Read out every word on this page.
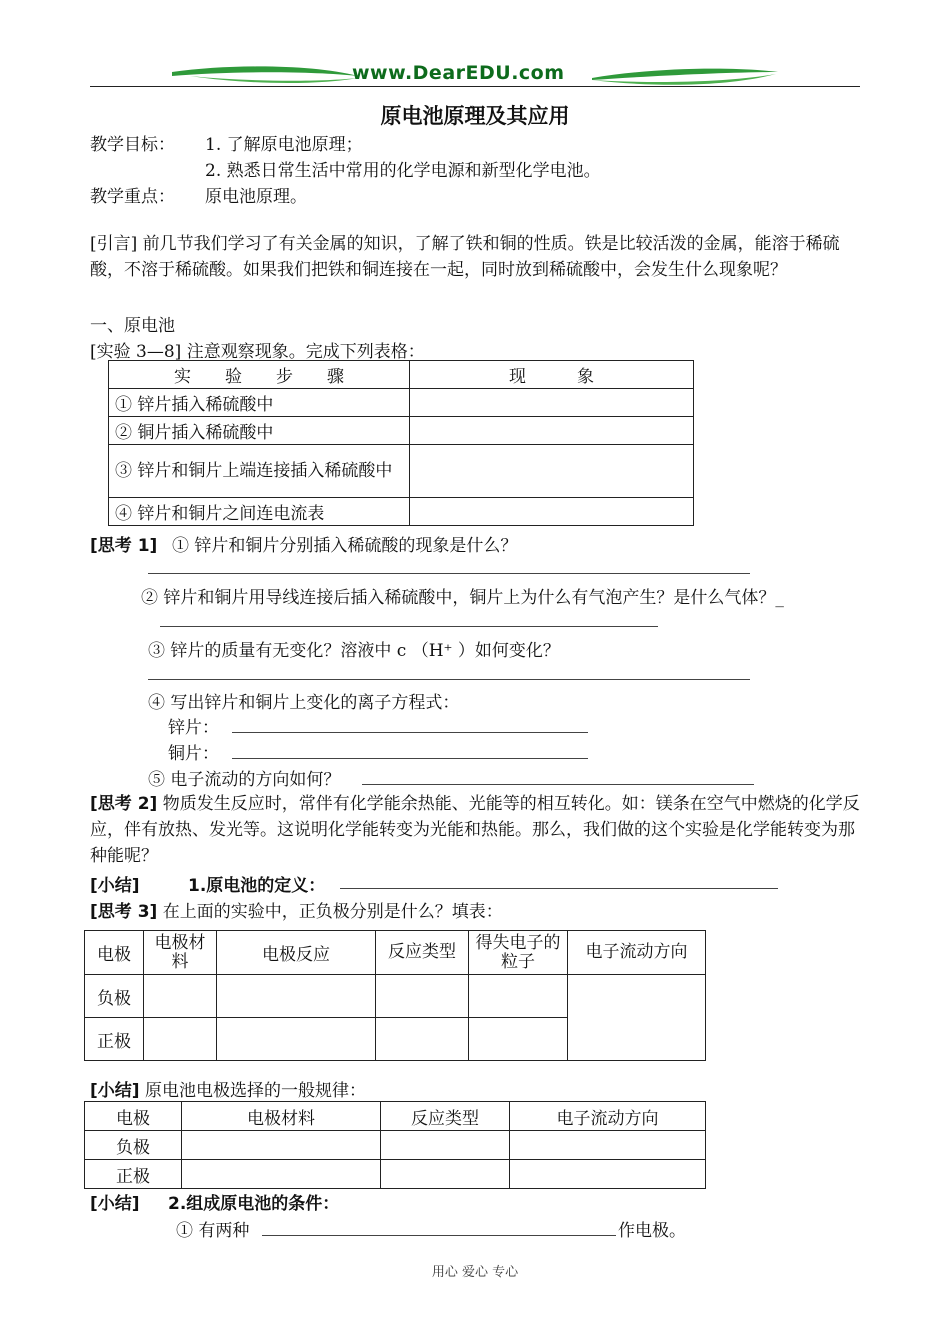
www.DearEDU.com
原电池原理及其应用
教学目标： 1. 了解原电池原理；
2. 熟悉日常生活中常用的化学电源和新型化学电池。
教学重点： 原电池原理。
[引言] 前几节我们学习了有关金属的知识，了解了铁和铜的性质。铁是比较活泼的金属，能溶于稀硫酸，不溶于稀硫酸。如果我们把铁和铜连接在一起，同时放到稀硫酸中，会发生什么现象呢？
一、原电池
[实验 3—8] 注意观察现象。完成下列表格：
实　　验　　步　　骤	现　　　象
① 锌片插入稀硫酸中	
② 铜片插入稀硫酸中	
③ 锌片和铜片上端连接插入稀硫酸中	
④ 锌片和铜片之间连电流表	
[思考 1] ① 锌片和铜片分别插入稀硫酸的现象是什么？
② 锌片和铜片用导线连接后插入稀硫酸中，铜片上为什么有气泡产生？是什么气体？_
③ 锌片的质量有无变化？溶液中 c （H⁺ ）如何变化？
④ 写出锌片和铜片上变化的离子方程式：
锌片：
铜片：
⑤ 电子流动的方向如何？
[思考 2] 物质发生反应时，常伴有化学能余热能、光能等的相互转化。如：镁条在空气中燃烧的化学反应，伴有放热、发光等。这说明化学能转变为光能和热能。那么，我们做的这个实验是化学能转变为那种能呢？
[小结]	1.原电池的定义：
[思考 3] 在上面的实验中，正负极分别是什么？填表：
电极	电极材料	电极反应	反应类型	得失电子的粒子	电子流动方向
负极					
正极					
[小结] 原电池电极选择的一般规律：
电极	电极材料	反应类型	电子流动方向
负极			
正极			
[小结] 2.组成原电池的条件：
① 有两种	作电极。
用心 爱心 专心
